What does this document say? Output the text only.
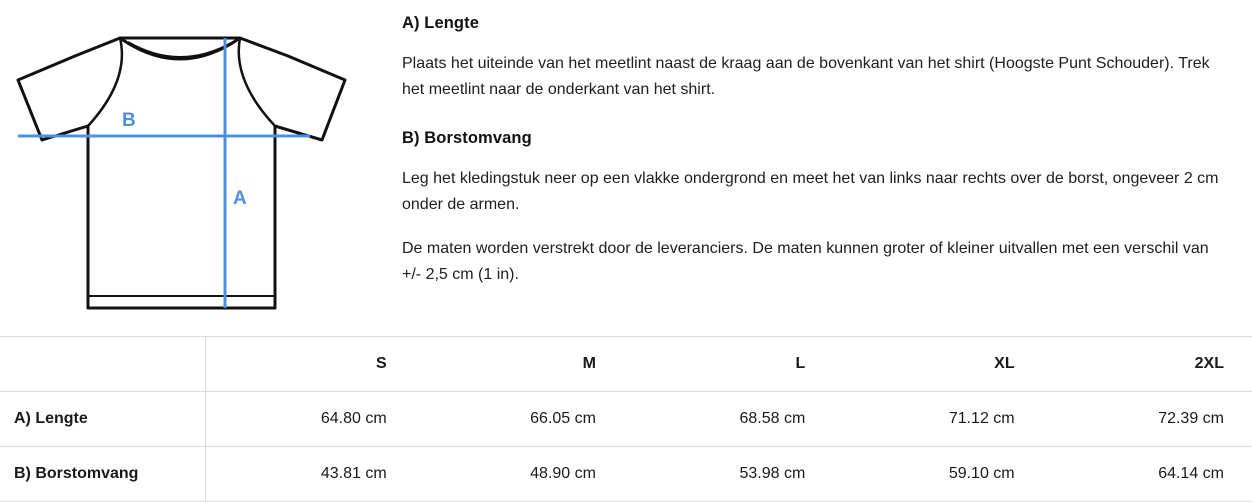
B
A
A) Lengte

Plaats het uiteinde van het meetlint naast de kraag aan de bovenkant van het shirt (Hoogste Punt Schouder). Trek het meetlint naar de onderkant van het shirt.

B) Borstomvang

Leg het kledingstuk neer op een vlakke ondergrond en meet het van links naar rechts over de borst, ongeveer 2 cm onder de armen.

De maten worden verstrekt door de leveranciers. De maten kunnen groter of kleiner uitvallen met een verschil van +/- 2,5 cm (1 in).

	S	M	L	XL	2XL
A) Lengte	64.80 cm	66.05 cm	68.58 cm	71.12 cm	72.39 cm
B) Borstomvang	43.81 cm	48.90 cm	53.98 cm	59.10 cm	64.14 cm
